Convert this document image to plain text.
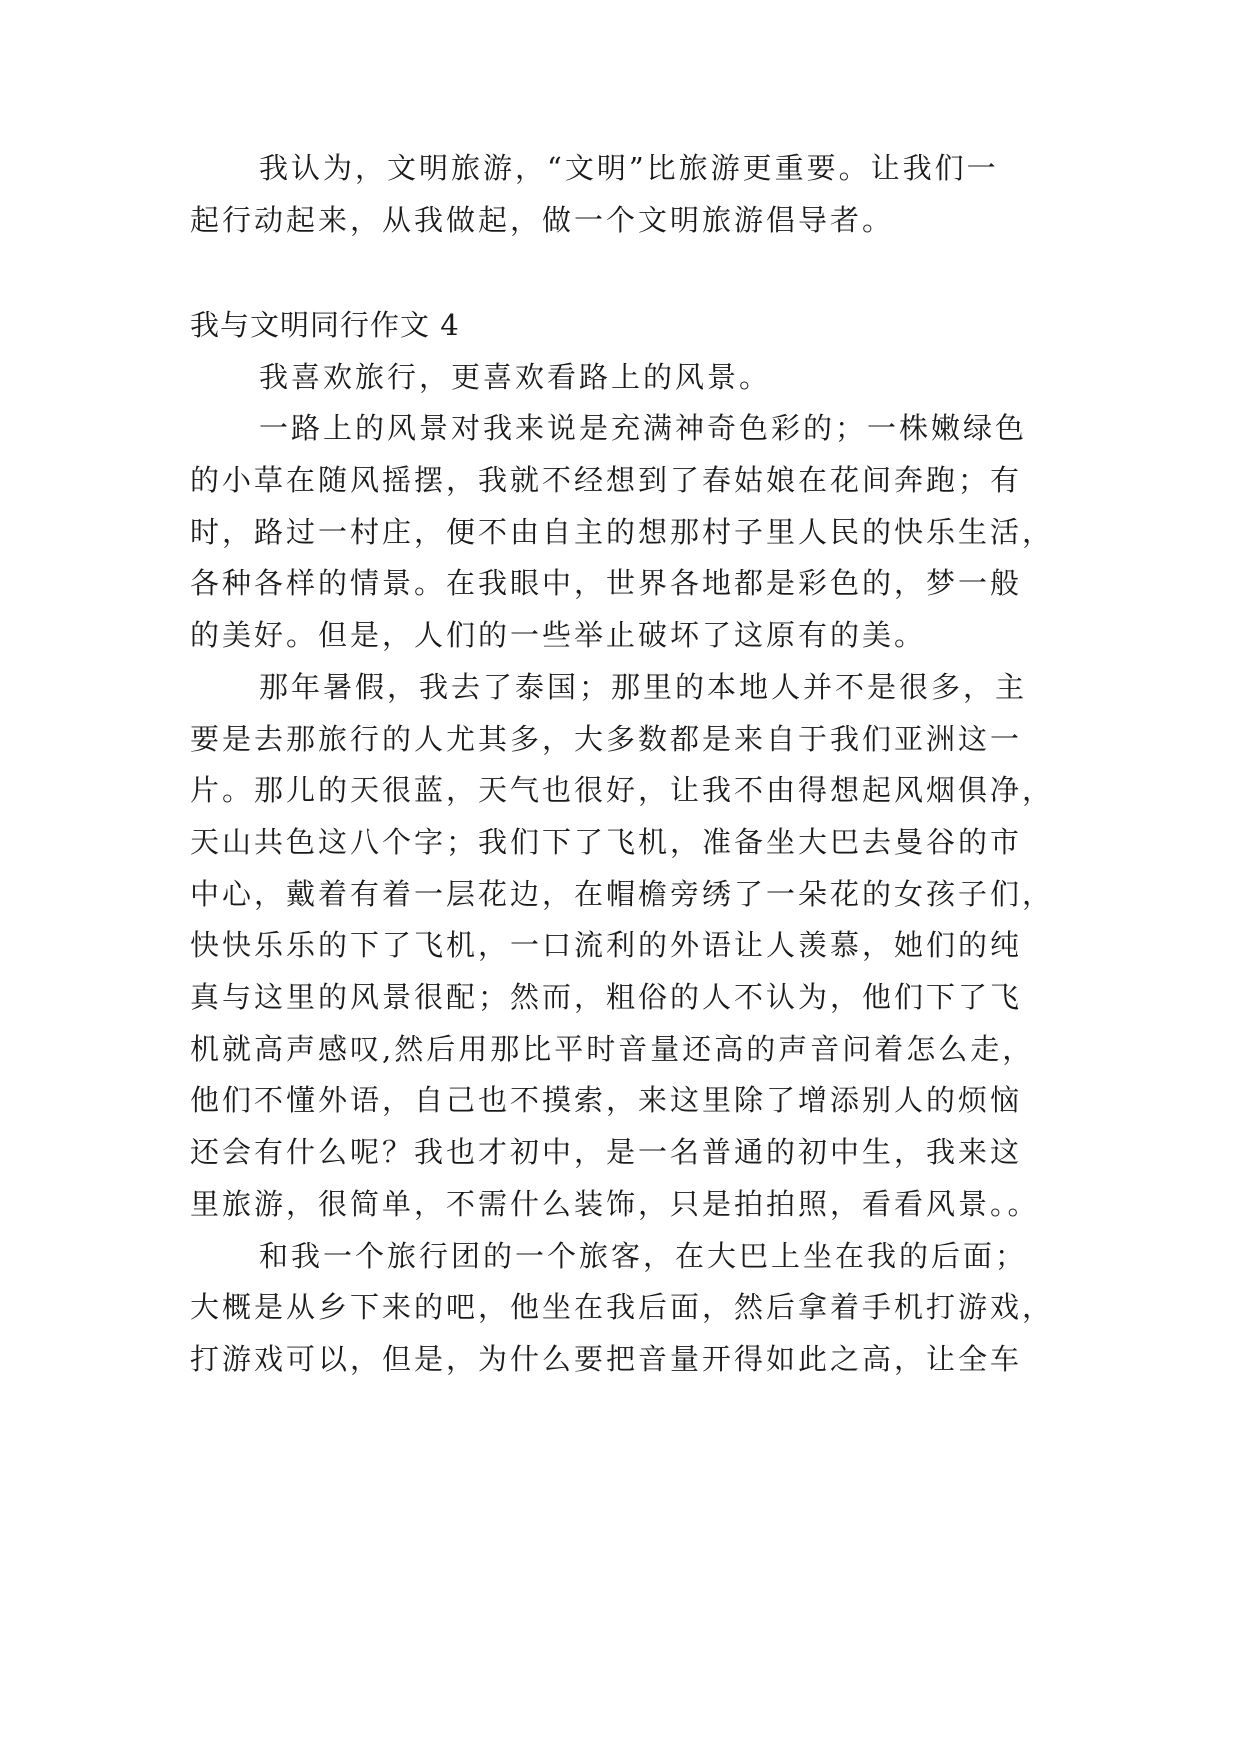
我认为，文明旅游，“文明”比旅游更重要。让我们一
起行动起来，从我做起，做一个文明旅游倡导者。
我与文明同行作文 4
我喜欢旅行，更喜欢看路上的风景。
一路上的风景对我来说是充满神奇色彩的；一株嫩绿色
的小草在随风摇摆，我就不经想到了春姑娘在花间奔跑；有
时，路过一村庄，便不由自主的想那村子里人民的快乐生活，
各种各样的情景。在我眼中，世界各地都是彩色的，梦一般
的美好。但是，人们的一些举止破坏了这原有的美。
那年暑假，我去了泰国；那里的本地人并不是很多，主
要是去那旅行的人尤其多，大多数都是来自于我们亚洲这一
片。那儿的天很蓝，天气也很好，让我不由得想起风烟俱净，
天山共色这八个字；我们下了飞机，准备坐大巴去曼谷的市
中心，戴着有着一层花边，在帽檐旁绣了一朵花的女孩子们，
快快乐乐的下了飞机，一口流利的外语让人羡慕，她们的纯
真与这里的风景很配；然而，粗俗的人不认为，他们下了飞
机就高声感叹,然后用那比平时音量还高的声音问着怎么走，
他们不懂外语，自己也不摸索，来这里除了增添别人的烦恼
还会有什么呢？我也才初中，是一名普通的初中生，我来这
里旅游，很简单，不需什么装饰，只是拍拍照，看看风景。。
和我一个旅行团的一个旅客，在大巴上坐在我的后面；
大概是从乡下来的吧，他坐在我后面，然后拿着手机打游戏，
打游戏可以，但是，为什么要把音量开得如此之高，让全车
